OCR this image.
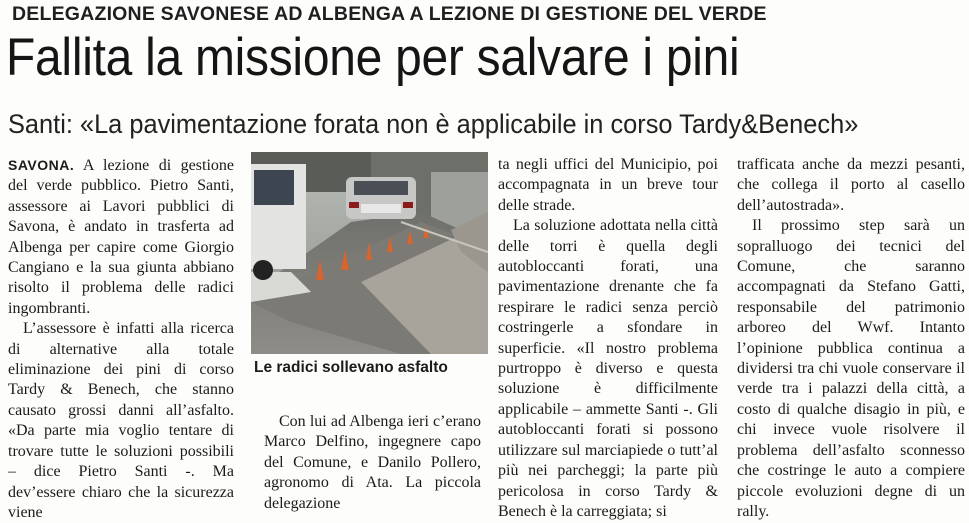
DELEGAZIONE SAVONESE AD ALBENGA A LEZIONE DI GESTIONE DEL VERDE
Fallita la missione per salvare i pini
Santi: «La pavimentazione forata non è applicabile in corso Tardy&Benech»

SAVONA. A lezione di gestione del verde pubblico. Pietro Santi, assessore ai Lavori pubblici di Savona, è andato in trasferta ad Albenga per capire come Giorgio Cangiano e la sua giunta abbiano risolto il problema delle radici ingombranti.

L’assessore è infatti alla ricerca di alternative alla totale eliminazione dei pini di corso Tardy & Benech, che stanno causato grossi danni all’asfalto. «Da parte mia voglio tentare di trovare tutte le soluzioni possibili – dice Pietro Santi -. Ma dev’essere chiaro che la sicurezza viene

Le radici sollevano asfalto

Con lui ad Albenga ieri c’erano Marco Delfino, ingegnere capo del Comune, e Danilo Pollero, agronomo di Ata. La piccola delegazione

ta negli uffici del Municipio, poi accompagnata in un breve tour delle strade.

La soluzione adottata nella città delle torri è quella degli autobloccanti forati, una pavimentazione drenante che fa respirare le radici senza perciò costringerle a sfondare in superficie. «Il nostro problema purtroppo è diverso e questa soluzione è difficilmente applicabile – ammette Santi -. Gli autobloccanti forati si possono utilizzare sul marciapiede o tutt’al più nei parcheggi; la parte più pericolosa in corso Tardy & Benech è la carreggiata; si

trafficata anche da mezzi pesanti, che collega il porto al casello dell’autostrada».

Il prossimo step sarà un sopralluogo dei tecnici del Comune, che saranno accompagnati da Stefano Gatti, responsabile del patrimonio arboreo del Wwf. Intanto l’opinione pubblica continua a dividersi tra chi vuole conservare il verde tra i palazzi della città, a costo di qualche disagio in più, e chi invece vuole risolvere il problema dell’asfalto sconnesso che costringe le auto a compiere piccole evoluzioni degne di un rally.
